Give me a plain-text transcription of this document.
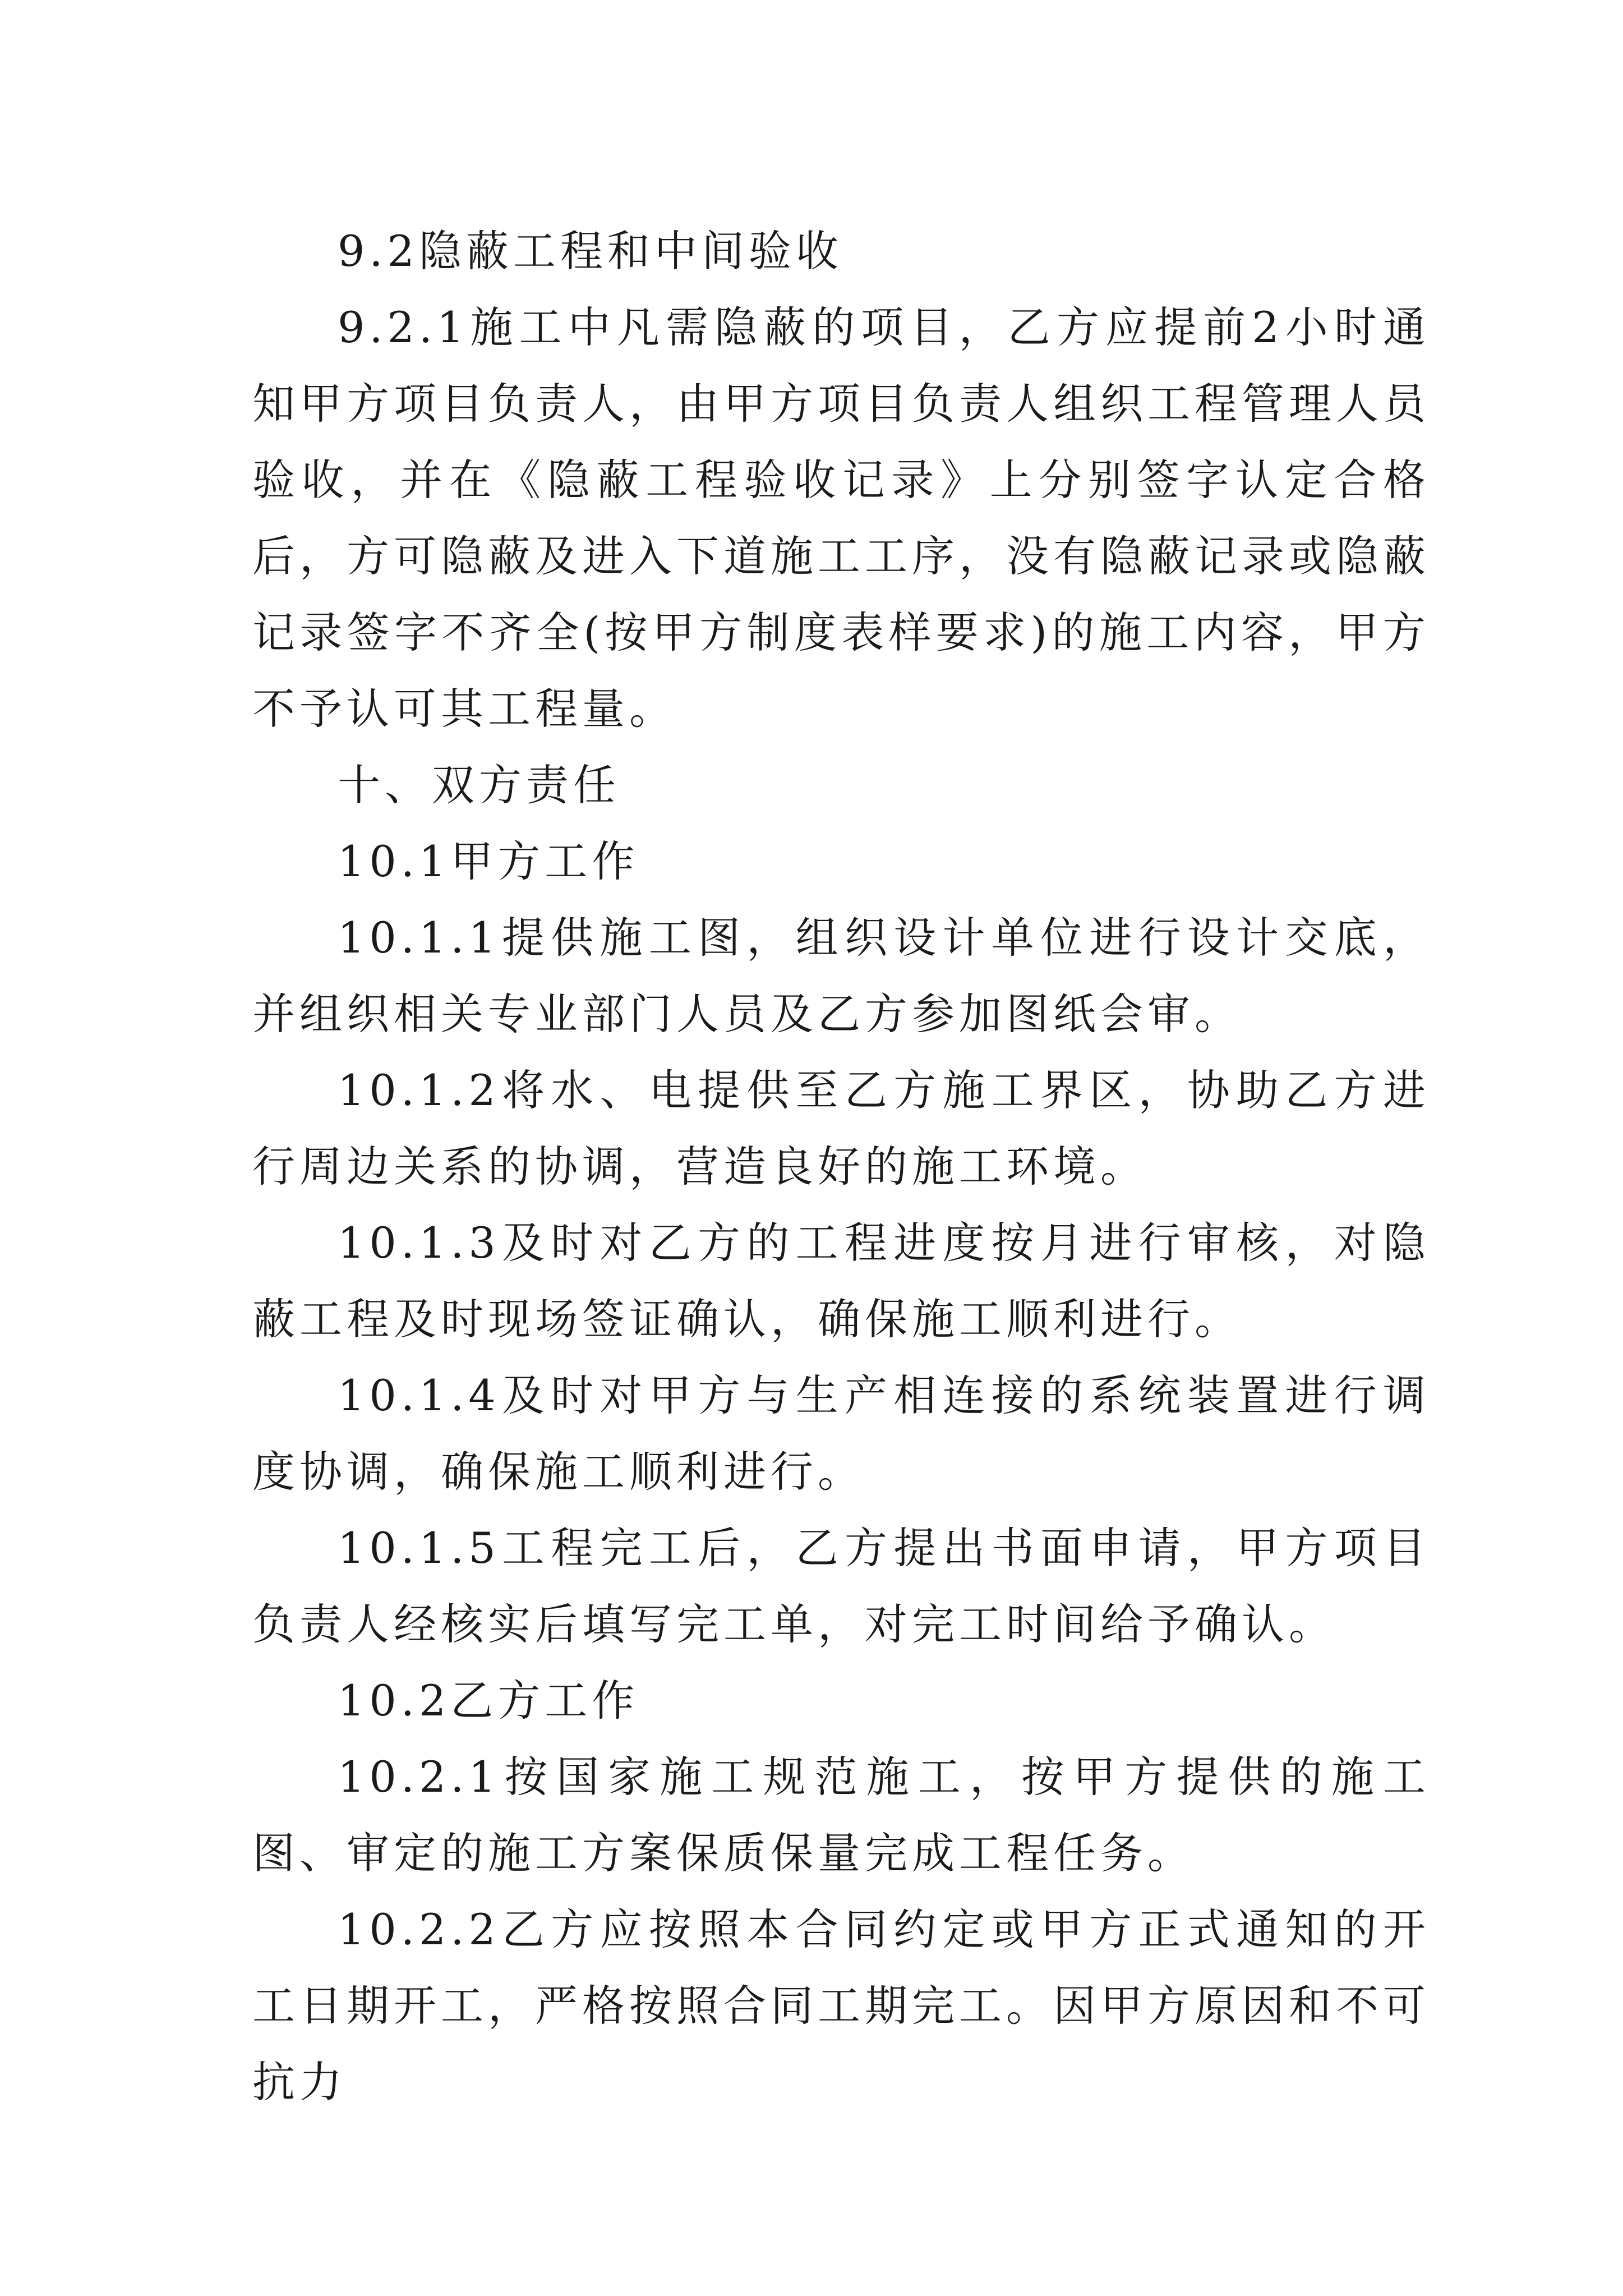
9.2隐蔽工程和中间验收

9.2.1施工中凡需隐蔽的项目，乙方应提前2小时通知甲方项目负责人，由甲方项目负责人组织工程管理人员验收，并在《隐蔽工程验收记录》上分别签字认定合格后，方可隐蔽及进入下道施工工序，没有隐蔽记录或隐蔽记录签字不齐全(按甲方制度表样要求)的施工内容，甲方不予认可其工程量。

十、双方责任

10.1甲方工作

10.1.1提供施工图，组织设计单位进行设计交底，并组织相关专业部门人员及乙方参加图纸会审。

10.1.2将水、电提供至乙方施工界区，协助乙方进行周边关系的协调，营造良好的施工环境。

10.1.3及时对乙方的工程进度按月进行审核，对隐蔽工程及时现场签证确认，确保施工顺利进行。

10.1.4及时对甲方与生产相连接的系统装置进行调度协调，确保施工顺利进行。

10.1.5工程完工后，乙方提出书面申请，甲方项目负责人经核实后填写完工单，对完工时间给予确认。

10.2乙方工作

10.2.1按国家施工规范施工，按甲方提供的施工图、审定的施工方案保质保量完成工程任务。

10.2.2乙方应按照本合同约定或甲方正式通知的开工日期开工，严格按照合同工期完工。因甲方原因和不可抗力
